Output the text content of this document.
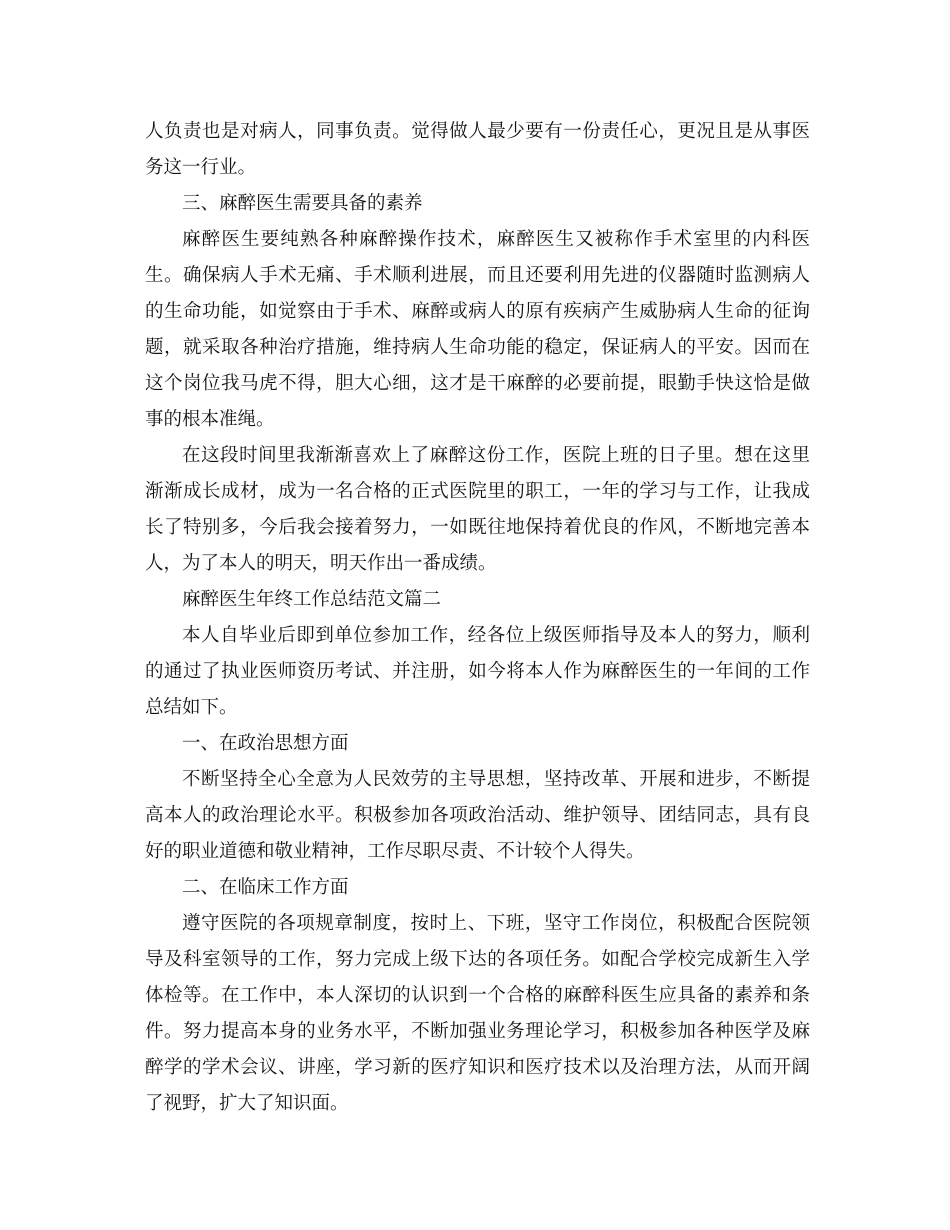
人负责也是对病人，同事负责。觉得做人最少要有一份责任心，更况且是从事医务这一行业。

三、麻醉医生需要具备的素养

麻醉医生要纯熟各种麻醉操作技术，麻醉医生又被称作手术室里的内科医生。确保病人手术无痛、手术顺利进展，而且还要利用先进的仪器随时监测病人的生命功能，如觉察由于手术、麻醉或病人的原有疾病产生威胁病人生命的征询题，就采取各种治疗措施，维持病人生命功能的稳定，保证病人的平安。因而在这个岗位我马虎不得，胆大心细，这才是干麻醉的必要前提，眼勤手快这恰是做事的根本准绳。

在这段时间里我渐渐喜欢上了麻醉这份工作，医院上班的日子里。想在这里渐渐成长成材，成为一名合格的正式医院里的职工，一年的学习与工作，让我成长了特别多，今后我会接着努力，一如既往地保持着优良的作风，不断地完善本人，为了本人的明天，明天作出一番成绩。

麻醉医生年终工作总结范文篇二

本人自毕业后即到单位参加工作，经各位上级医师指导及本人的努力，顺利的通过了执业医师资历考试、并注册，如今将本人作为麻醉医生的一年间的工作总结如下。

一、在政治思想方面

不断坚持全心全意为人民效劳的主导思想，坚持改革、开展和进步，不断提高本人的政治理论水平。积极参加各项政治活动、维护领导、团结同志，具有良好的职业道德和敬业精神，工作尽职尽责、不计较个人得失。

二、在临床工作方面

遵守医院的各项规章制度，按时上、下班，坚守工作岗位，积极配合医院领导及科室领导的工作，努力完成上级下达的各项任务。如配合学校完成新生入学体检等。在工作中，本人深切的认识到一个合格的麻醉科医生应具备的素养和条件。努力提高本身的业务水平，不断加强业务理论学习，积极参加各种医学及麻醉学的学术会议、讲座，学习新的医疗知识和医疗技术以及治理方法，从而开阔了视野，扩大了知识面。
